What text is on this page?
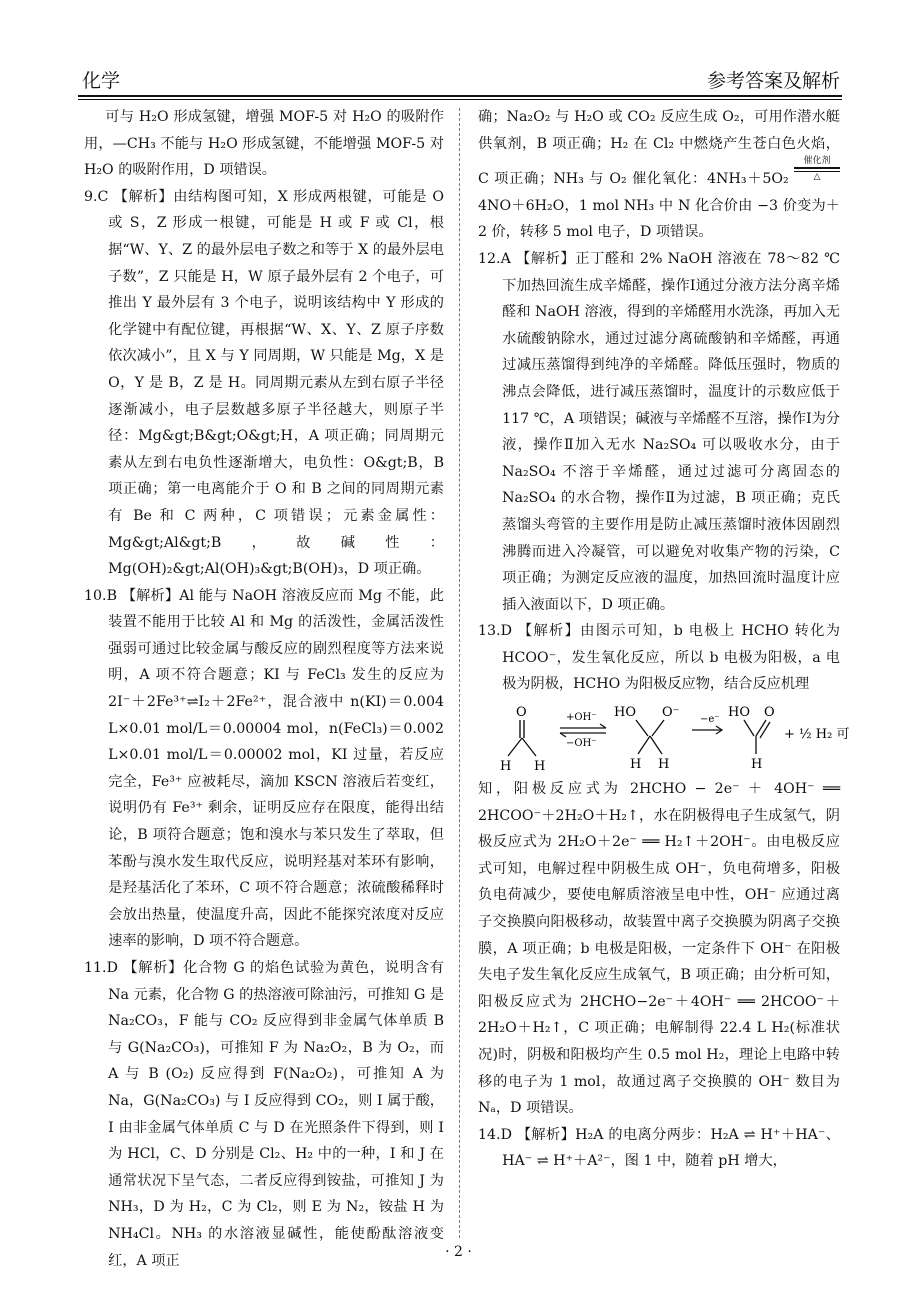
化学	参考答案及解析

可与 H₂O 形成氢键，增强 MOF-5 对 H₂O 的吸附作用，—CH₃ 不能与 H₂O 形成氢键，不能增强 MOF-5 对 H₂O 的吸附作用，D 项错误。

9.C 【解析】由结构图可知，X 形成两根键，可能是 O 或 S，Z 形成一根键，可能是 H 或 F 或 Cl，根据“W、Y、Z 的最外层电子数之和等于 X 的最外层电子数”，Z 只能是 H，W 原子最外层有 2 个电子，可推出 Y 最外层有 3 个电子，说明该结构中 Y 形成的化学键中有配位键，再根据“W、X、Y、Z 原子序数依次减小”，且 X 与 Y 同周期，W 只能是 Mg，X 是 O，Y 是 B，Z 是 H。同周期元素从左到右原子半径逐渐减小，电子层数越多原子半径越大，则原子半径：Mg&gt;B&gt;O&gt;H，A 项正确；同周期元素从左到右电负性逐渐增大，电负性：O&gt;B，B 项正确；第一电离能介于 O 和 B 之间的同周期元素有 Be 和 C 两种，C 项错误；元素金属性：Mg&gt;Al&gt;B，故碱性：Mg(OH)₂&gt;Al(OH)₃&gt;B(OH)₃，D 项正确。

10.B 【解析】Al 能与 NaOH 溶液反应而 Mg 不能，此装置不能用于比较 Al 和 Mg 的活泼性，金属活泼性强弱可通过比较金属与酸反应的剧烈程度等方法来说明，A 项不符合题意；KI 与 FeCl₃ 发生的反应为 2I⁻＋2Fe³⁺⇌I₂＋2Fe²⁺，混合液中 n(KI)＝0.004 L×0.01 mol/L＝0.00004 mol，n(FeCl₃)＝0.002 L×0.01 mol/L＝0.00002 mol，KI 过量，若反应完全，Fe³⁺ 应被耗尽，滴加 KSCN 溶液后若变红，说明仍有 Fe³⁺ 剩余，证明反应存在限度，能得出结论，B 项符合题意；饱和溴水与苯只发生了萃取，但苯酚与溴水发生取代反应，说明羟基对苯环有影响，是羟基活化了苯环，C 项不符合题意；浓硫酸稀释时会放出热量，使温度升高，因此不能探究浓度对反应速率的影响，D 项不符合题意。

11.D 【解析】化合物 G 的焰色试验为黄色，说明含有 Na 元素，化合物 G 的热溶液可除油污，可推知 G 是 Na₂CO₃，F 能与 CO₂ 反应得到非金属气体单质 B 与 G(Na₂CO₃)，可推知 F 为 Na₂O₂，B 为 O₂，而 A 与 B (O₂) 反应得到 F(Na₂O₂)，可推知 A 为 Na，G(Na₂CO₃) 与 I 反应得到 CO₂，则 I 属于酸，I 由非金属气体单质 C 与 D 在光照条件下得到，则 I 为 HCl，C、D 分别是 Cl₂、H₂ 中的一种，I 和 J 在通常状况下呈气态，二者反应得到铵盐，可推知 J 为 NH₃，D 为 H₂，C 为 Cl₂，则 E 为 N₂，铵盐 H 为 NH₄Cl。NH₃ 的水溶液显碱性，能使酚酞溶液变红，A 项正

确；Na₂O₂ 与 H₂O 或 CO₂ 反应生成 O₂，可用作潜水艇供氧剂，B 项正确；H₂ 在 Cl₂ 中燃烧产生苍白色火焰，C 项正确；NH₃ 与 O₂ 催化氧化：4NH₃＋5O₂ 催化剂
△ 4NO＋6H₂O，1 mol NH₃ 中 N 化合价由 −3 价变为＋2 价，转移 5 mol 电子，D 项错误。

12.A 【解析】正丁醛和 2% NaOH 溶液在 78～82 ℃ 下加热回流生成辛烯醛，操作Ⅰ通过分液方法分离辛烯醛和 NaOH 溶液，得到的辛烯醛用水洗涤，再加入无水硫酸钠除水，通过过滤分离硫酸钠和辛烯醛，再通过减压蒸馏得到纯净的辛烯醛。降低压强时，物质的沸点会降低，进行减压蒸馏时，温度计的示数应低于 117 ℃，A 项错误；碱液与辛烯醛不互溶，操作Ⅰ为分液，操作Ⅱ加入无水 Na₂SO₄ 可以吸收水分，由于 Na₂SO₄ 不溶于辛烯醛，通过过滤可分离固态的 Na₂SO₄ 的水合物，操作Ⅱ为过滤，B 项正确；克氏蒸馏头弯管的主要作用是防止减压蒸馏时液体因剧烈沸腾而进入冷凝管，可以避免对收集产物的污染，C 项正确；为测定反应液的温度，加热回流时温度计应插入液面以下，D 项正确。

13.D 【解析】由图示可知，b 电极上 HCHO 转化为 HCOO⁻，发生氧化反应，所以 b 电极为阳极，a 电极为阴极，HCHO 为阳极反应物，结合反应机理

O
H H
+OH⁻
−OH⁻
HO O⁻
H H
−e⁻ HO O
H
+ ½ H₂ 可

知，阳极反应式为 2HCHO − 2e⁻ ＋ 4OH⁻ ══ 2HCOO⁻＋2H₂O＋H₂↑，水在阴极得电子生成氢气，阴极反应式为 2H₂O＋2e⁻ ══ H₂↑＋2OH⁻。由电极反应式可知，电解过程中阴极生成 OH⁻，负电荷增多，阳极负电荷减少，要使电解质溶液呈电中性，OH⁻ 应通过离子交换膜向阳极移动，故装置中离子交换膜为阴离子交换膜，A 项正确；b 电极是阳极，一定条件下 OH⁻ 在阳极失电子发生氧化反应生成氧气，B 项正确；由分析可知，阳极反应式为 2HCHO−2e⁻＋4OH⁻ ══ 2HCOO⁻＋2H₂O＋H₂↑，C 项正确；电解制得 22.4 L H₂(标准状况)时，阴极和阳极均产生 0.5 mol H₂，理论上电路中转移的电子为 1 mol，故通过离子交换膜的 OH⁻ 数目为 Nₐ，D 项错误。

14.D 【解析】H₂A 的电离分两步：H₂A ⇌ H⁺＋HA⁻、HA⁻ ⇌ H⁺＋A²⁻，图 1 中，随着 pH 增大，

· 2 ·
